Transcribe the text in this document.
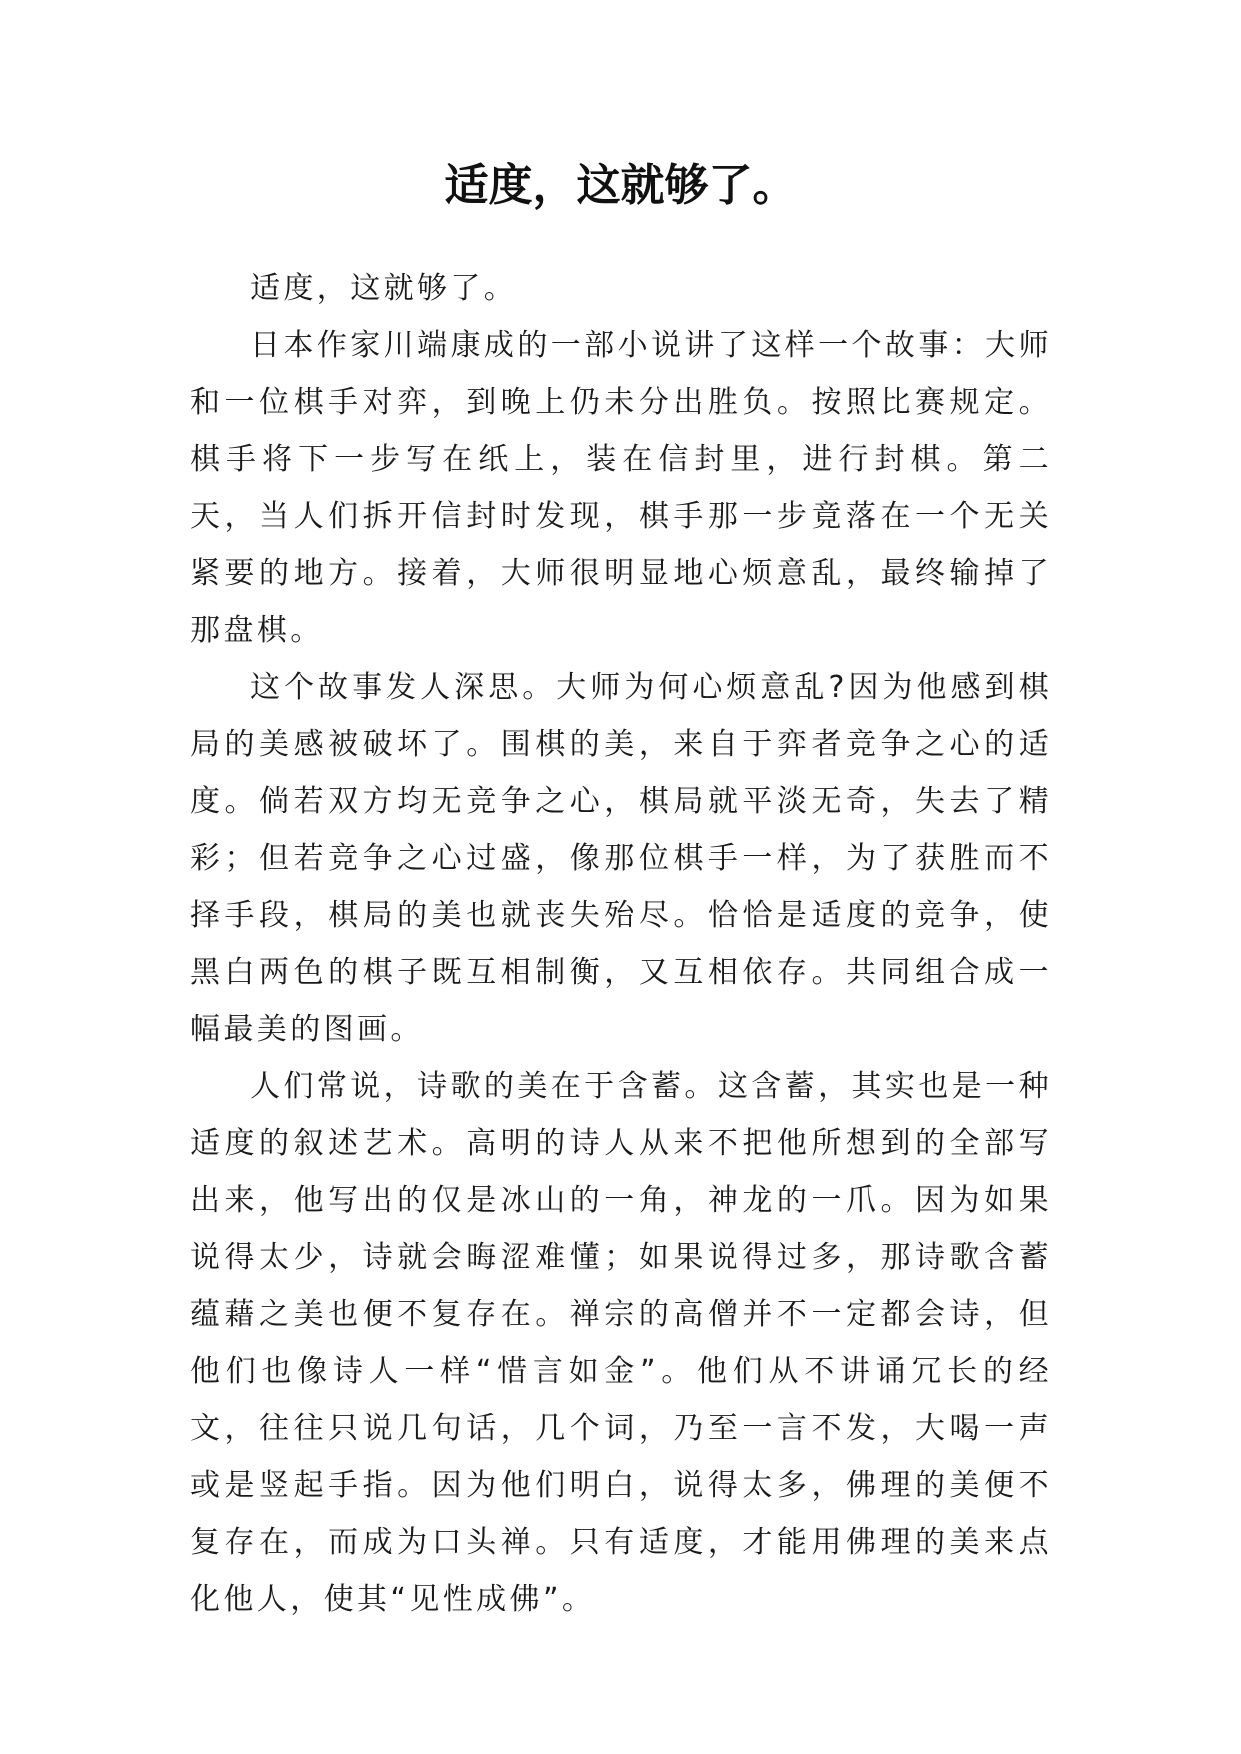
适度，这就够了。

适度，这就够了。

日本作家川端康成的一部小说讲了这样一个故事：大师和一位棋手对弈，到晚上仍未分出胜负。按照比赛规定。棋手将下一步写在纸上，装在信封里，进行封棋。第二天，当人们拆开信封时发现，棋手那一步竟落在一个无关紧要的地方。接着，大师很明显地心烦意乱，最终输掉了那盘棋。

这个故事发人深思。大师为何心烦意乱?因为他感到棋局的美感被破坏了。围棋的美，来自于弈者竞争之心的适度。倘若双方均无竞争之心，棋局就平淡无奇，失去了精彩；但若竞争之心过盛，像那位棋手一样，为了获胜而不择手段，棋局的美也就丧失殆尽。恰恰是适度的竞争，使黑白两色的棋子既互相制衡，又互相依存。共同组合成一幅最美的图画。

人们常说，诗歌的美在于含蓄。这含蓄，其实也是一种适度的叙述艺术。高明的诗人从来不把他所想到的全部写出来，他写出的仅是冰山的一角，神龙的一爪。因为如果说得太少，诗就会晦涩难懂；如果说得过多，那诗歌含蓄蕴藉之美也便不复存在。禅宗的高僧并不一定都会诗，但他们也像诗人一样“惜言如金”。他们从不讲诵冗长的经文，往往只说几句话，几个词，乃至一言不发，大喝一声或是竖起手指。因为他们明白，说得太多，佛理的美便不复存在，而成为口头禅。只有适度，才能用佛理的美来点化他人，使其“见性成佛”。
